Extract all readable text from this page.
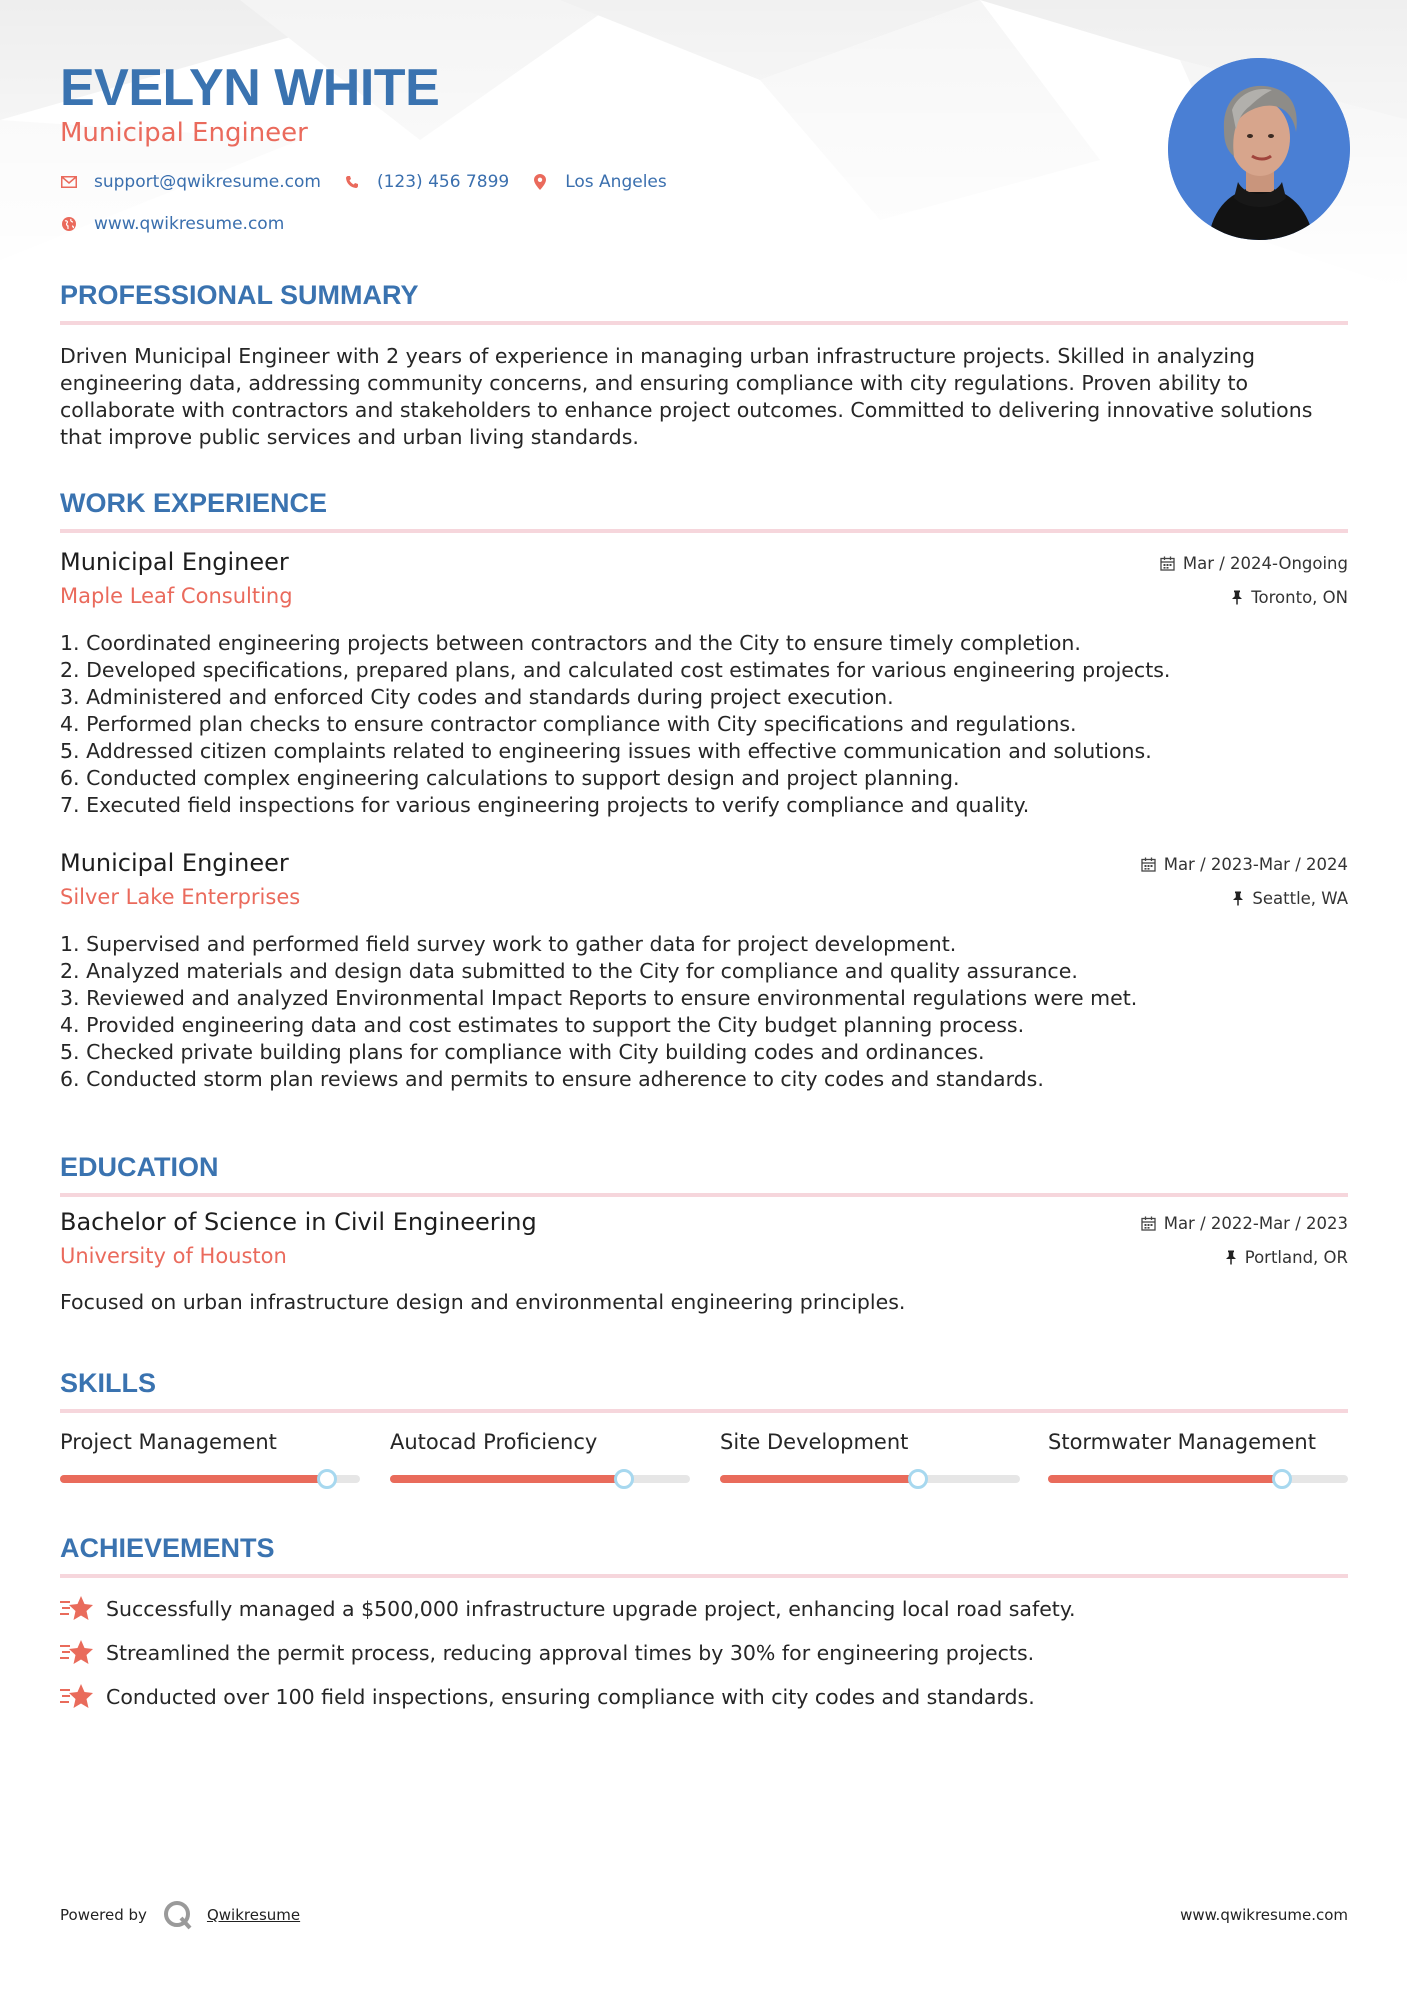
EVELYN WHITE
Municipal Engineer
support@qwikresume.com	(123) 456 7899	Los Angeles
www.qwikresume.com
PROFESSIONAL SUMMARY
Driven Municipal Engineer with 2 years of experience in managing urban infrastructure projects. Skilled in analyzing engineering data, addressing community concerns, and ensuring compliance with city regulations. Proven ability to collaborate with contractors and stakeholders to enhance project outcomes. Committed to delivering innovative solutions that improve public services and urban living standards.
WORK EXPERIENCE
Municipal Engineer	Mar / 2024-Ongoing
Maple Leaf Consulting	Toronto, ON
1. Coordinated engineering projects between contractors and the City to ensure timely completion.
2. Developed specifications, prepared plans, and calculated cost estimates for various engineering projects.
3. Administered and enforced City codes and standards during project execution.
4. Performed plan checks to ensure contractor compliance with City specifications and regulations.
5. Addressed citizen complaints related to engineering issues with effective communication and solutions.
6. Conducted complex engineering calculations to support design and project planning.
7. Executed field inspections for various engineering projects to verify compliance and quality.
Municipal Engineer	Mar / 2023-Mar / 2024
Silver Lake Enterprises	Seattle, WA
1. Supervised and performed field survey work to gather data for project development.
2. Analyzed materials and design data submitted to the City for compliance and quality assurance.
3. Reviewed and analyzed Environmental Impact Reports to ensure environmental regulations were met.
4. Provided engineering data and cost estimates to support the City budget planning process.
5. Checked private building plans for compliance with City building codes and ordinances.
6. Conducted storm plan reviews and permits to ensure adherence to city codes and standards.
EDUCATION
Bachelor of Science in Civil Engineering	Mar / 2022-Mar / 2023
University of Houston	Portland, OR
Focused on urban infrastructure design and environmental engineering principles.
SKILLS
Project Management	Autocad Proficiency	Site Development	Stormwater Management
ACHIEVEMENTS
Successfully managed a $500,000 infrastructure upgrade project, enhancing local road safety.
Streamlined the permit process, reducing approval times by 30% for engineering projects.
Conducted over 100 field inspections, ensuring compliance with city codes and standards.
Powered by	Qwikresume	www.qwikresume.com
